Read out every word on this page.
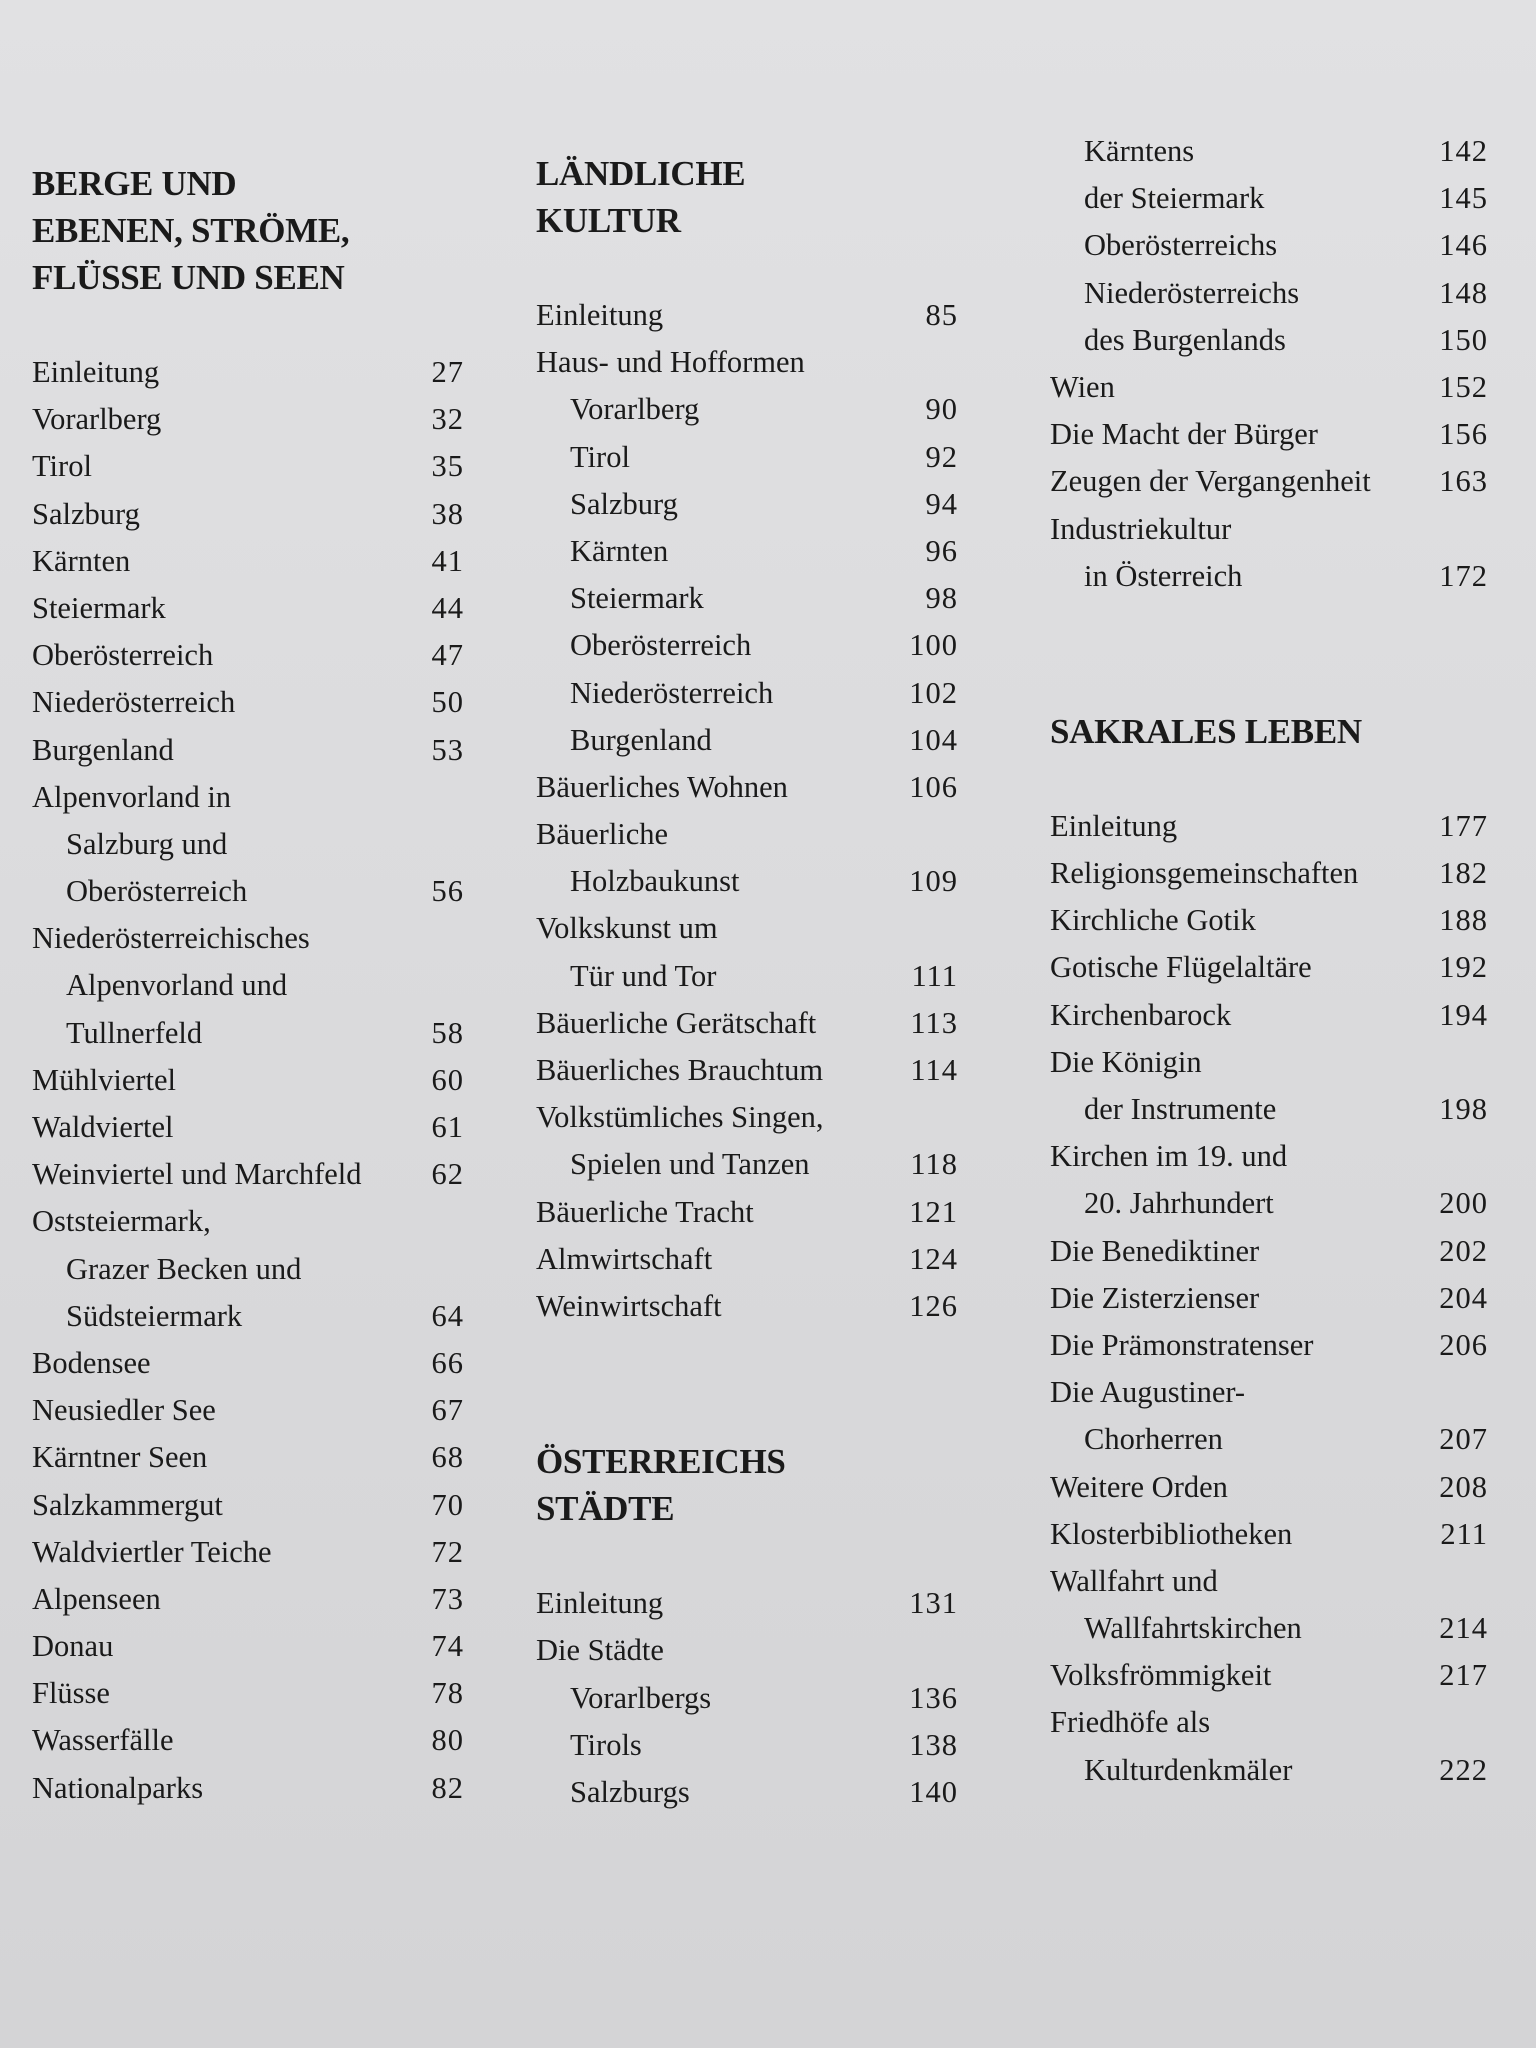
BERGE UND
EBENEN, STRÖME,
FLÜSSE UND SEEN
Einleitung	27
Vorarlberg	32
Tirol	35
Salzburg	38
Kärnten	41
Steiermark	44
Oberösterreich	47
Niederösterreich	50
Burgenland	53
Alpenvorland in
Salzburg und
Oberösterreich	56
Niederösterreichisches
Alpenvorland und
Tullnerfeld	58
Mühlviertel	60
Waldviertel	61
Weinviertel und Marchfeld 62
Oststeiermark,
Grazer Becken und
Südsteiermark	64
Bodensee	66
Neusiedler See	67
Kärntner Seen	68
Salzkammergut	70
Waldviertler Teiche	72
Alpenseen	73
Donau	74
Flüsse	78
Wasserfälle	80
Nationalparks	82
LÄNDLICHE
KULTUR
Einleitung	85
Haus- und Hofformen
Vorarlberg	90
Tirol	92
Salzburg	94
Kärnten	96
Steiermark	98
Oberösterreich	100
Niederösterreich	102
Burgenland	104
Bäuerliches Wohnen	106
Bäuerliche
Holzbaukunst	109
Volkskunst um
Tür und Tor	111
Bäuerliche Gerätschaft	113
Bäuerliches Brauchtum	114
Volkstümliches Singen,
Spielen und Tanzen	118
Bäuerliche Tracht	121
Almwirtschaft	124
Weinwirtschaft	126
ÖSTERREICHS
STÄDTE
Einleitung	131
Die Städte
Vorarlbergs	136
Tirols	138
Salzburgs	140
Kärntens	142
der Steiermark	145
Oberösterreichs	146
Niederösterreichs	148
des Burgenlands	150
Wien	152
Die Macht der Bürger	156
Zeugen der Vergangenheit 163
Industriekultur
in Österreich	172
SAKRALES LEBEN
Einleitung	177
Religionsgemeinschaften	182
Kirchliche Gotik	188
Gotische Flügelaltäre	192
Kirchenbarock	194
Die Königin
der Instrumente	198
Kirchen im 19. und
20. Jahrhundert	200
Die Benediktiner	202
Die Zisterzienser	204
Die Prämonstratenser	206
Die Augustiner-
Chorherren	207
Weitere Orden	208
Klosterbibliotheken	211
Wallfahrt und
Wallfahrtskirchen	214
Volksfrömmigkeit	217
Friedhöfe als
Kulturdenkmäler	222
